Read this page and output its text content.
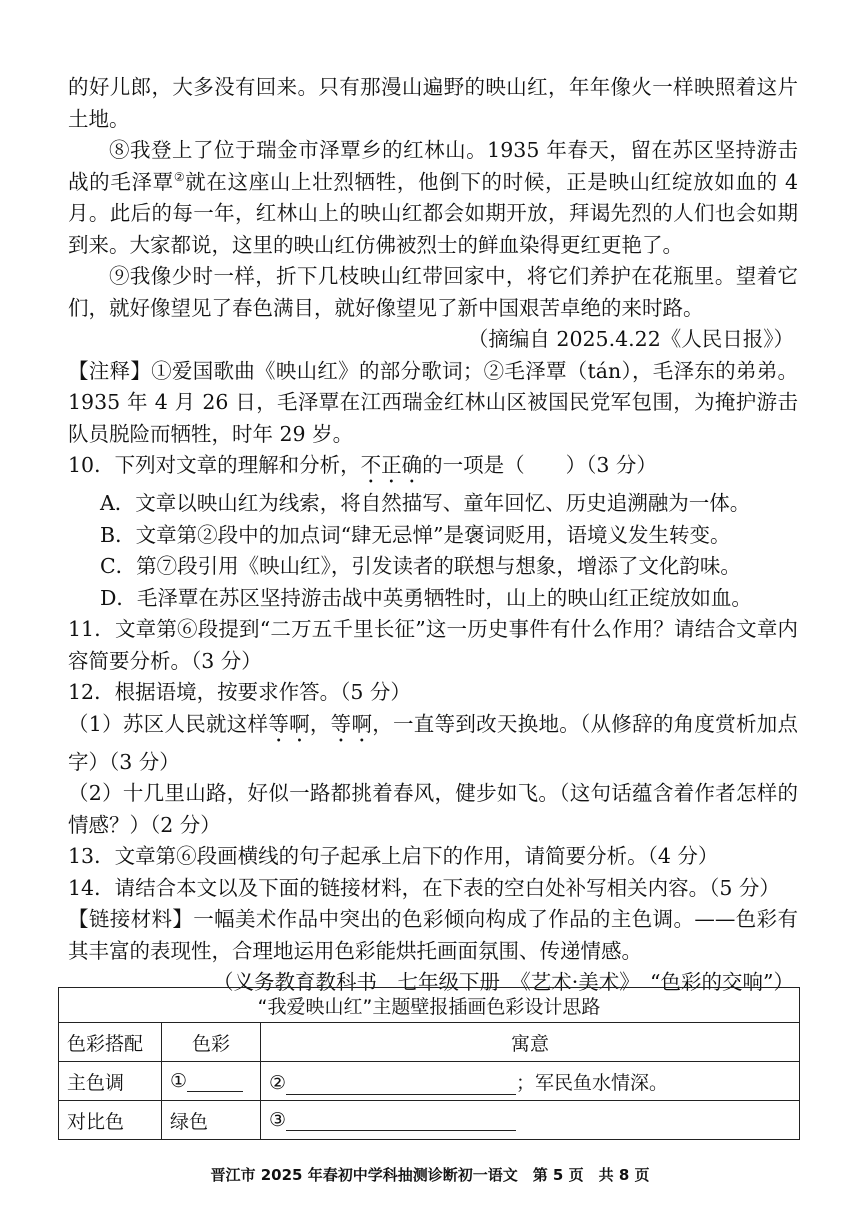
的好儿郎，大多没有回来。只有那漫山遍野的映山红，年年像火一样映照着这片土地。

⑧我登上了位于瑞金市泽覃乡的红林山。1935 年春天，留在苏区坚持游击战的毛泽覃②就在这座山上壮烈牺牲，他倒下的时候，正是映山红绽放如血的 4 月。此后的每一年，红林山上的映山红都会如期开放，拜谒先烈的人们也会如期到来。大家都说，这里的映山红仿佛被烈士的鲜血染得更红更艳了。

⑨我像少时一样，折下几枝映山红带回家中，将它们养护在花瓶里。望着它们，就好像望见了春色满目，就好像望见了新中国艰苦卓绝的来时路。

（摘编自 2025.4.22《人民日报》）

【注释】①爱国歌曲《映山红》的部分歌词；②毛泽覃（tán），毛泽东的弟弟。1935 年 4 月 26 日，毛泽覃在江西瑞金红林山区被国民党军包围，为掩护游击队员脱险而牺牲，时年 29 岁。

10．下列对文章的理解和分析，不正确的一项是（　　）（3 分）

A．文章以映山红为线索，将自然描写、童年回忆、历史追溯融为一体。

B．文章第②段中的加点词“肆无忌惮”是褒词贬用，语境义发生转变。

C．第⑦段引用《映山红》，引发读者的联想与想象，增添了文化韵味。

D．毛泽覃在苏区坚持游击战中英勇牺牲时，山上的映山红正绽放如血。

11．文章第⑥段提到“二万五千里长征”这一历史事件有什么作用？请结合文章内容简要分析。（3 分）

12．根据语境，按要求作答。（5 分）

（1）苏区人民就这样等啊，等啊，一直等到改天换地。（从修辞的角度赏析加点字）（3 分）

（2）十几里山路，好似一路都挑着春风，健步如飞。（这句话蕴含着作者怎样的情感？）（2 分）

13．文章第⑥段画横线的句子起承上启下的作用，请简要分析。（4 分）

14．请结合本文以及下面的链接材料，在下表的空白处补写相关内容。（5 分）

【链接材料】一幅美术作品中突出的色彩倾向构成了作品的主色调。——色彩有其丰富的表现性，合理地运用色彩能烘托画面氛围、传递情感。

（义务教育教科书　七年级下册　《艺术·美术》　“色彩的交响”）

“我爱映山红”主题壁报插画色彩设计思路		
色彩搭配	色彩	寓意
主色调	①	② ；军民鱼水情深。
对比色	绿色	③
晋江市 2025 年春初中学科抽测诊断初一语文　第 5 页　共 8 页
